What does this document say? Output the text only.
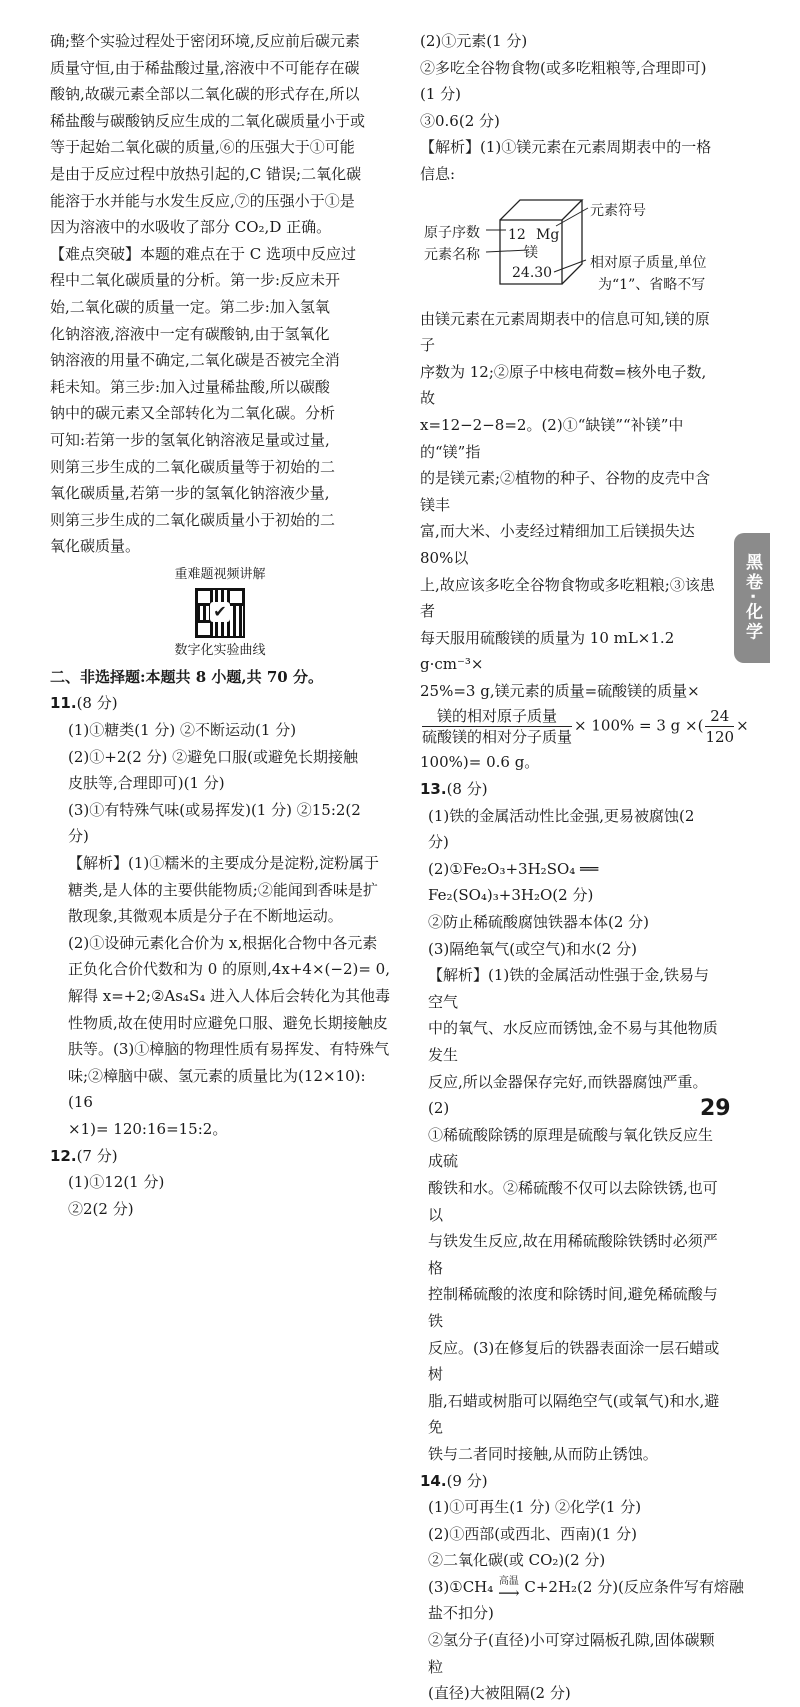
确;整个实验过程处于密闭环境,反应前后碳元素

质量守恒,由于稀盐酸过量,溶液中不可能存在碳

酸钠,故碳元素全部以二氧化碳的形式存在,所以

稀盐酸与碳酸钠反应生成的二氧化碳质量小于或

等于起始二氧化碳的质量,⑥的压强大于①可能

是由于反应过程中放热引起的,C 错误;二氧化碳

能溶于水并能与水发生反应,⑦的压强小于①是

因为溶液中的水吸收了部分 CO₂,D 正确。

【难点突破】本题的难点在于 C 选项中反应过

程中二氧化碳质量的分析。第一步:反应未开

始,二氧化碳的质量一定。第二步:加入氢氧

化钠溶液,溶液中一定有碳酸钠,由于氢氧化

钠溶液的用量不确定,二氧化碳是否被完全消

耗未知。第三步:加入过量稀盐酸,所以碳酸

钠中的碳元素又全部转化为二氧化碳。分析

可知:若第一步的氢氧化钠溶液足量或过量,

则第三步生成的二氧化碳质量等于初始的二

氧化碳质量,若第一步的氢氧化钠溶液少量,

则第三步生成的二氧化碳质量小于初始的二

氧化碳质量。

重难题视频讲解
✔
数字化实验曲线

二、非选择题:本题共 8 小题,共 70 分。

11.(8 分)

(1)①糖类(1 分) ②不断运动(1 分)

(2)①+2(2 分) ②避免口服(或避免长期接触

皮肤等,合理即可)(1 分)

(3)①有特殊气味(或易挥发)(1 分) ②15:2(2

分)

【解析】(1)①糯米的主要成分是淀粉,淀粉属于

糖类,是人体的主要供能物质;②能闻到香味是扩

散现象,其微观本质是分子在不断地运动。

(2)①设砷元素化合价为 x,根据化合物中各元素

正负化合价代数和为 0 的原则,4x+4×(−2)= 0,

解得 x=+2;②As₄S₄ 进入人体后会转化为其他毒

性物质,故在使用时应避免口服、避免长期接触皮

肤等。(3)①樟脑的物理性质有易挥发、有特殊气

味;②樟脑中碳、氢元素的质量比为(12×10):(16

×1)= 120:16=15:2。

12.(7 分)

(1)①12(1 分)

②2(2 分)

(2)①元素(1 分)

②多吃全谷物食物(或多吃粗粮等,合理即可)

(1 分)

③0.6(2 分)

【解析】(1)①镁元素在元素周期表中的一格

信息:

原子序数
元素名称
12 Mg
镁
24.30
元素符号
相对原子质量,单位
为“1”、省略不写

由镁元素在元素周期表中的信息可知,镁的原子

序数为 12;②原子中核电荷数=核外电子数,故

x=12−2−8=2。(2)①“缺镁”“补镁”中的“镁”指

的是镁元素;②植物的种子、谷物的皮壳中含镁丰

富,而大米、小麦经过精细加工后镁损失达 80%以

上,故应该多吃全谷物食物或多吃粗粮;③该患者

每天服用硫酸镁的质量为 10 mL×1.2 g·cm⁻³×

25%=3 g,镁元素的质量=硫酸镁的质量×

$\frac{\text{镁的相对原子质量}}{\text{硫酸镁的相对分子质量}} \times 100\% = 3$ g ×( $\frac{24}{120}$ ×

100%)= 0.6 g。

13.(8 分)

(1)铁的金属活动性比金强,更易被腐蚀(2 分)

(2)①Fe₂O₃+3H₂SO₄ ══ Fe₂(SO₄)₃+3H₂O(2 分)

②防止稀硫酸腐蚀铁器本体(2 分)

(3)隔绝氧气(或空气)和水(2 分)

【解析】(1)铁的金属活动性强于金,铁易与空气

中的氧气、水反应而锈蚀,金不易与其他物质发生

反应,所以金器保存完好,而铁器腐蚀严重。(2)

①稀硫酸除锈的原理是硫酸与氧化铁反应生成硫

酸铁和水。②稀硫酸不仅可以去除铁锈,也可以

与铁发生反应,故在用稀硫酸除铁锈时必须严格

控制稀硫酸的浓度和除锈时间,避免稀硫酸与铁

反应。(3)在修复后的铁器表面涂一层石蜡或树

脂,石蜡或树脂可以隔绝空气(或氧气)和水,避免

铁与二者同时接触,从而防止锈蚀。

14.(9 分)

(1)①可再生(1 分) ②化学(1 分)

(2)①西部(或西北、西南)(1 分)

②二氧化碳(或 CO₂)(2 分)

(3)①CH₄ 高温
⟶ C+2H₂(2 分)(反应条件写有熔融

盐不扣分)

②氢分子(直径)小可穿过隔板孔隙,固体碳颗粒

(直径)大被阻隔(2 分)

黑卷·化学
29
